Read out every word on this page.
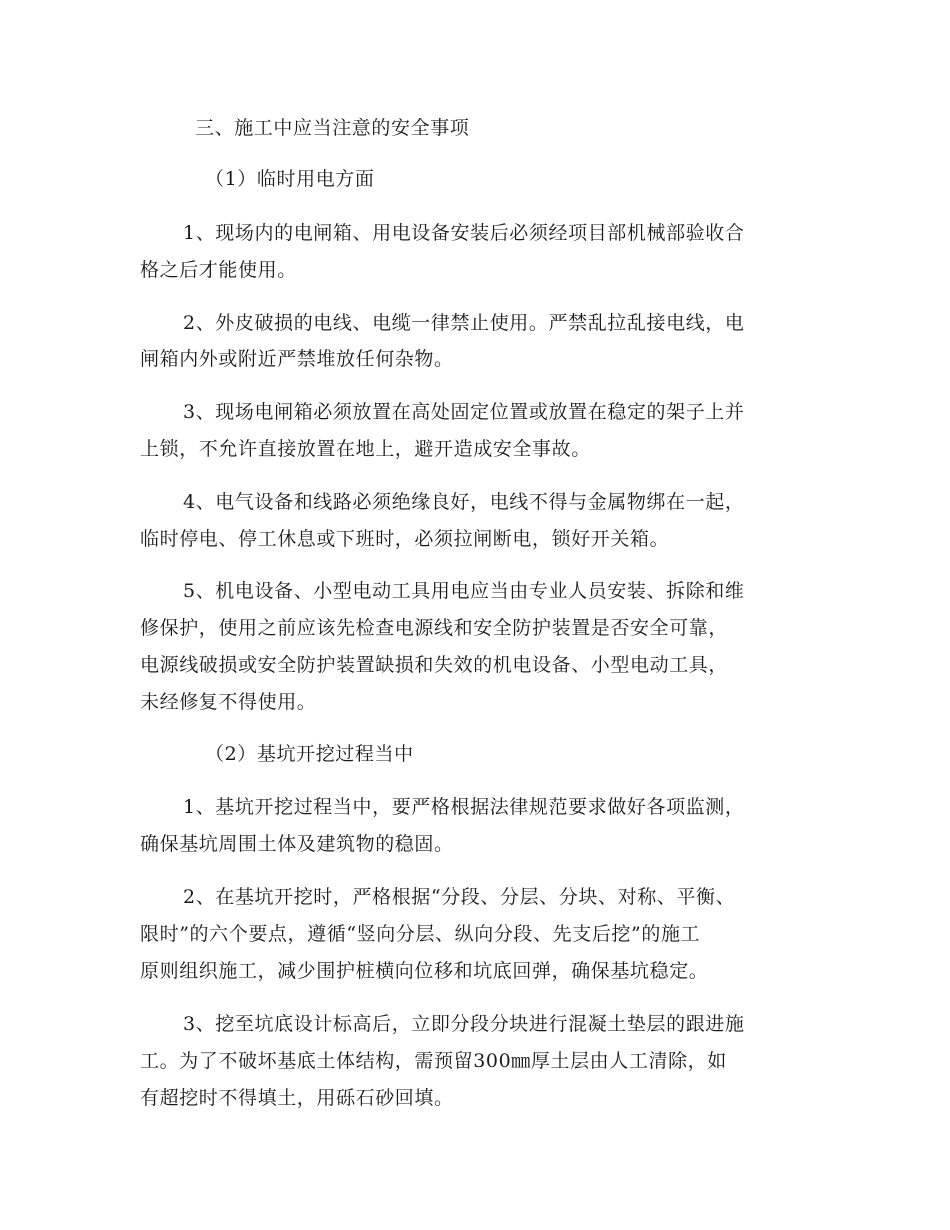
三、施工中应当注意的安全事项
（1）临时用电方面
1、现场内的电闸箱、用电设备安装后必须经项目部机械部验收合
格之后才能使用。
2、外皮破损的电线、电缆一律禁止使用。严禁乱拉乱接电线，电
闸箱内外或附近严禁堆放任何杂物。
3、现场电闸箱必须放置在高处固定位置或放置在稳定的架子上并
上锁，不允许直接放置在地上，避开造成安全事故。
4、电气设备和线路必须绝缘良好，电线不得与金属物绑在一起，
临时停电、停工休息或下班时，必须拉闸断电，锁好开关箱。
5、机电设备、小型电动工具用电应当由专业人员安装、拆除和维
修保护，使用之前应该先检查电源线和安全防护装置是否安全可靠，
电源线破损或安全防护装置缺损和失效的机电设备、小型电动工具，
未经修复不得使用。
（2）基坑开挖过程当中
1、基坑开挖过程当中，要严格根据法律规范要求做好各项监测，
确保基坑周围土体及建筑物的稳固。
2、在基坑开挖时，严格根据“分段、分层、分块、对称、平衡、
限时”的六个要点，遵循“竖向分层、纵向分段、先支后挖”的施工
原则组织施工，减少围护桩横向位移和坑底回弹，确保基坑稳定。
3、挖至坑底设计标高后，立即分段分块进行混凝土垫层的跟进施
工。为了不破坏基底土体结构，需预留300㎜厚土层由人工清除，如
有超挖时不得填土，用砾石砂回填。
